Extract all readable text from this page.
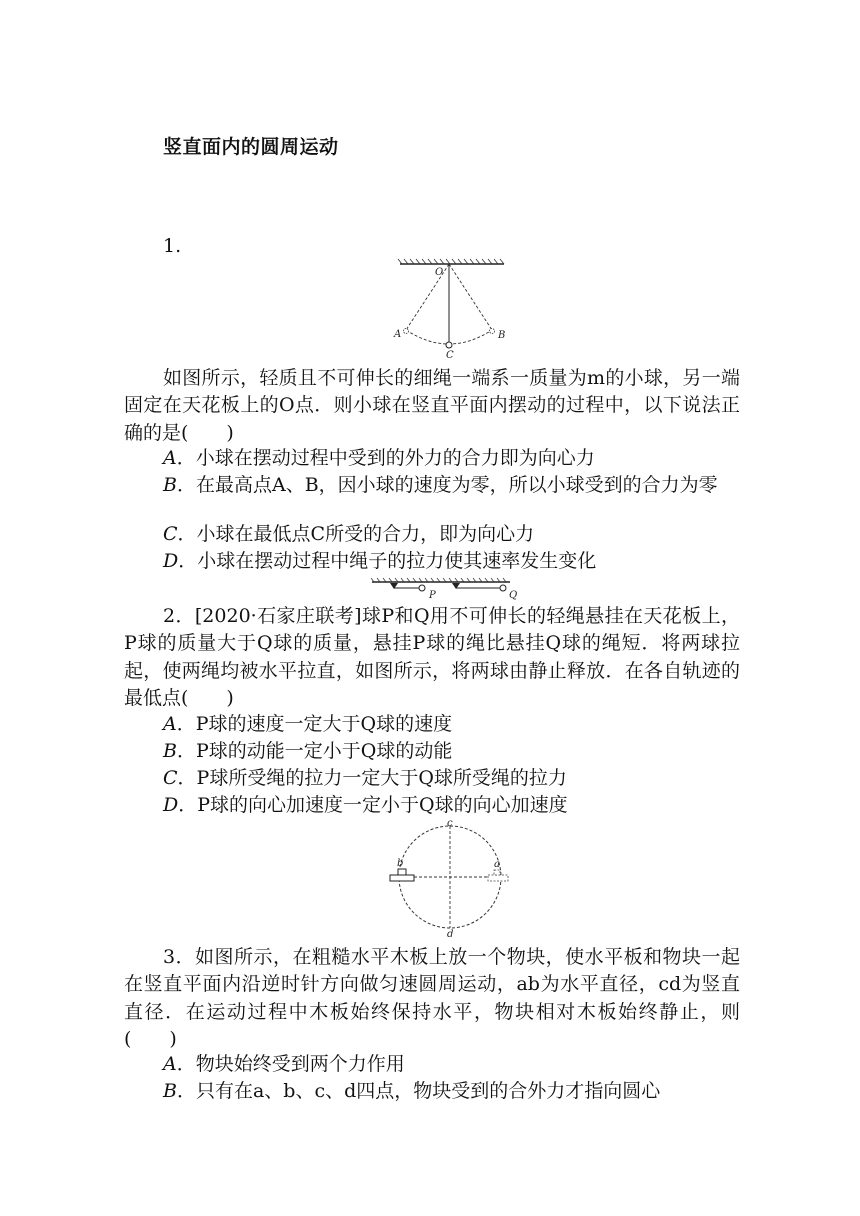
竖直面内的圆周运动
1.
O
A	B
C
如图所示，轻质且不可伸长的细绳一端系一质量为m的小球，另一端固定在天花板上的O点．则小球在竖直平面内摆动的过程中，以下说法正确的是(　　)
A．小球在摆动过程中受到的外力的合力即为向心力
B．在最高点A、B，因小球的速度为零，所以小球受到的合力为零
C．小球在最低点C所受的合力，即为向心力
D．小球在摆动过程中绳子的拉力使其速率发生变化
P	Q
2．[2020·石家庄联考]球P和Q用不可伸长的轻绳悬挂在天花板上，P球的质量大于Q球的质量，悬挂P球的绳比悬挂Q球的绳短．将两球拉起，使两绳均被水平拉直，如图所示，将两球由静止释放．在各自轨迹的最低点(　　)
A．P球的速度一定大于Q球的速度
B．P球的动能一定小于Q球的动能
C．P球所受绳的拉力一定大于Q球所受绳的拉力
D．P球的向心加速度一定小于Q球的向心加速度
c
b	a
d
3．如图所示，在粗糙水平木板上放一个物块，使水平板和物块一起在竖直平面内沿逆时针方向做匀速圆周运动，ab为水平直径，cd为竖直直径．在运动过程中木板始终保持水平，物块相对木板始终静止，则(　　)
A．物块始终受到两个力作用
B．只有在a、b、c、d四点，物块受到的合外力才指向圆心
